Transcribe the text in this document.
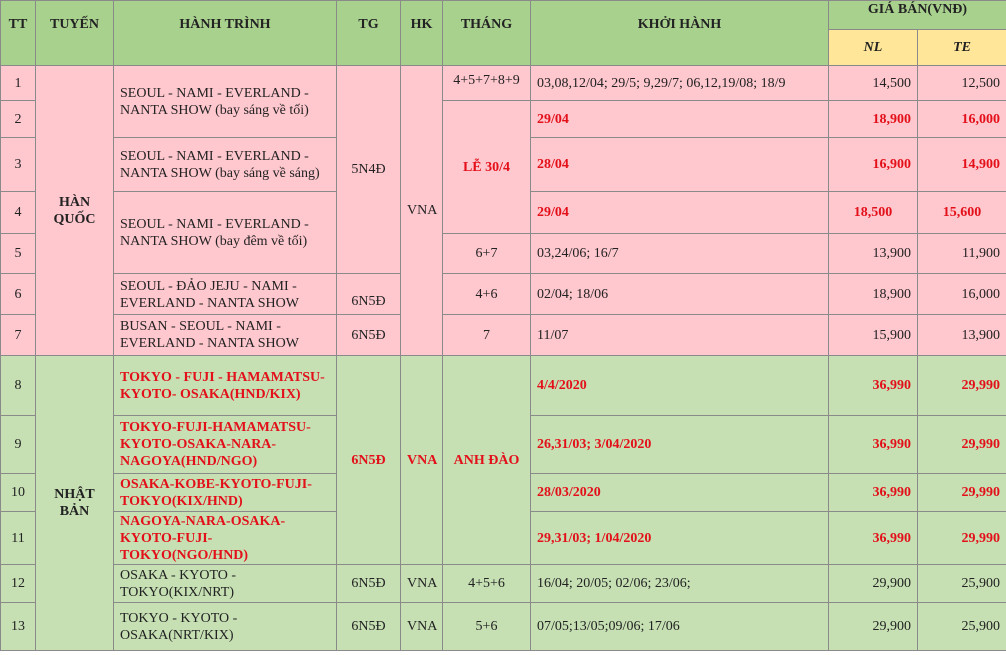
TT	TUYẾN	HÀNH TRÌNH	TG	HK	THÁNG	KHỞI HÀNH	GIÁ BÁN(VNĐ)	
							NL	TE
1	HÀN QUỐC	SEOUL - NAMI - EVERLAND - NANTA SHOW (bay sáng về tối)	5N4Đ	VNA	4+5+7+8+9	03,08,12/04; 29/5; 9,29/7; 06,12,19/08; 18/9	14,500	12,500
2					LỄ 30/4	29/04	18,900	16,000
3		SEOUL - NAMI - EVERLAND - NANTA SHOW (bay sáng về sáng)				28/04	16,900	14,900
4		SEOUL - NAMI - EVERLAND - NANTA SHOW (bay đêm về tối)				29/04	18,500	15,600
5					6+7	03,24/06; 16/7	13,900	11,900
6		SEOUL - ĐẢO JEJU - NAMI - EVERLAND - NANTA SHOW	6N5Đ		4+6	02/04; 18/06	18,900	16,000
7		BUSAN - SEOUL - NAMI - EVERLAND - NANTA SHOW	6N5Đ		7	11/07	15,900	13,900
8	NHẬT BẢN	TOKYO - FUJI - HAMAMATSU- KYOTO- OSAKA(HND/KIX)	6N5Đ	VNA	ANH ĐÀO	4/4/2020	36,990	29,990
9		TOKYO-FUJI-HAMAMATSU- KYOTO-OSAKA-NARA- NAGOYA(HND/NGO)				26,31/03; 3/04/2020	36,990	29,990
10		OSAKA-KOBE-KYOTO-FUJI- TOKYO(KIX/HND)				28/03/2020	36,990	29,990
11		NAGOYA-NARA-OSAKA- KYOTO-FUJI- TOKYO(NGO/HND)				29,31/03; 1/04/2020	36,990	29,990
12		OSAKA - KYOTO - TOKYO(KIX/NRT)	6N5Đ	VNA	4+5+6	16/04; 20/05; 02/06; 23/06;	29,900	25,900
13		TOKYO - KYOTO - OSAKA(NRT/KIX)	6N5Đ	VNA	5+6	07/05;13/05;09/06; 17/06	29,900	25,900
